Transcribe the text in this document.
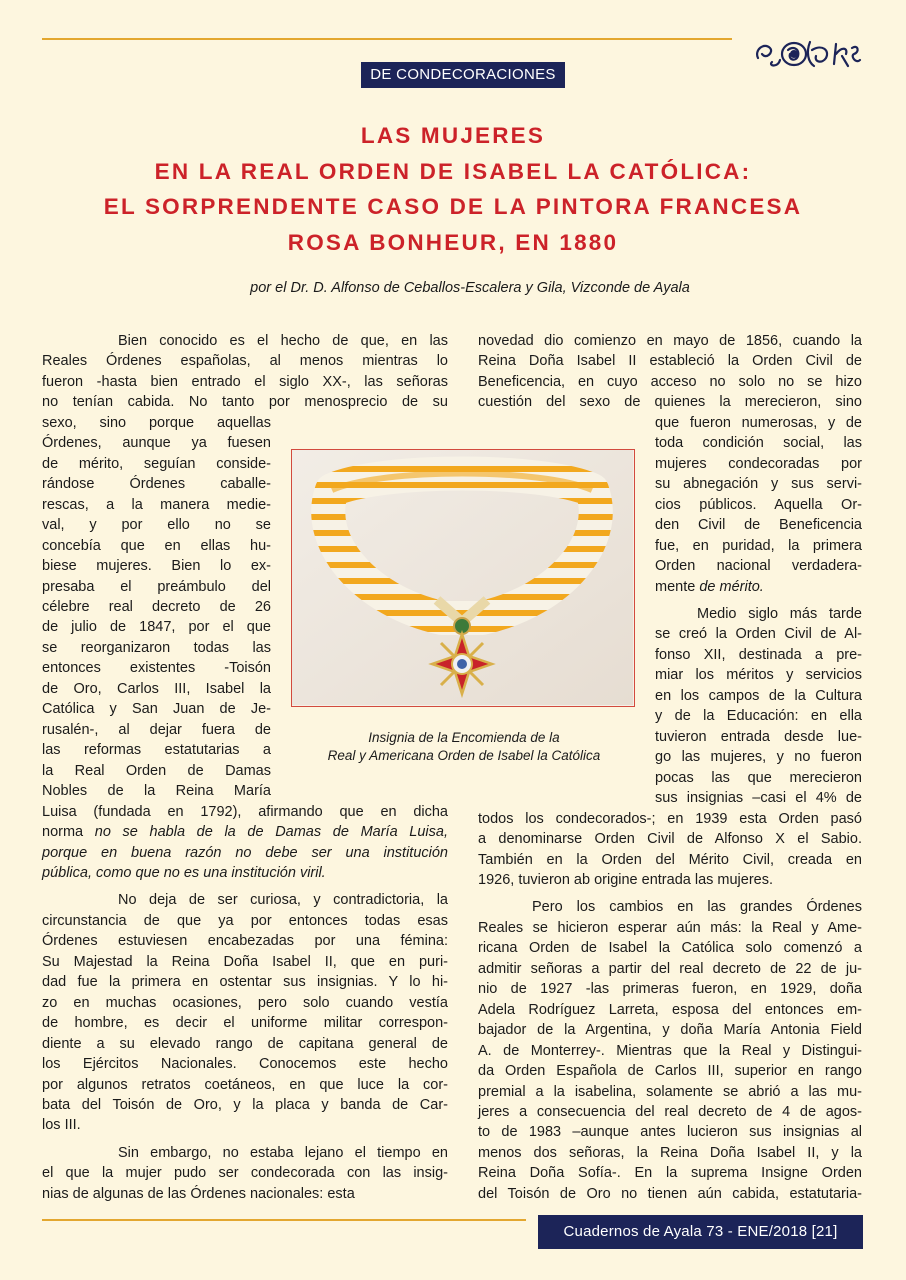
DE CONDECORACIONES
LAS MUJERES
EN LA REAL ORDEN DE ISABEL LA CATÓLICA:
EL SORPRENDENTE CASO DE LA PINTORA FRANCESA
ROSA BONHEUR, EN 1880

por el Dr. D. Alfonso de Ceballos-Escalera y Gila, Vizconde de Ayala

Bien conocido es el hecho de que, en las
Reales Órdenes españolas, al menos mientras lo
fueron -hasta bien entrado el siglo XX-, las señoras
no tenían cabida. No tanto por menosprecio de su
sexo, sino porque aquellas
Órdenes, aunque ya fuesen
de mérito, seguían conside-
rándose Órdenes caballe-
rescas, a la manera medie-
val, y por ello no se
concebía que en ellas hu-
biese mujeres. Bien lo ex-
presaba el preámbulo del
célebre real decreto de 26
de julio de 1847, por el que
se reorganizaron todas las
entonces existentes -Toisón
de Oro, Carlos III, Isabel la
Católica y San Juan de Je-
rusalén-, al dejar fuera de
las reformas estatutarias a
la Real Orden de Damas
Nobles de la Reina María
Luisa (fundada en 1792), afirmando que en dicha
norma no se habla de la de Damas de María Luisa,
porque en buena razón no debe ser una institución
pública, como que no es una institución viril.
No deja de ser curiosa, y contradictoria, la
circunstancia de que ya por entonces todas esas
Órdenes estuviesen encabezadas por una fémina:
Su Majestad la Reina Doña Isabel II, que en puri-
dad fue la primera en ostentar sus insignias. Y lo hi-
zo en muchas ocasiones, pero solo cuando vestía
de hombre, es decir el uniforme militar correspon-
diente a su elevado rango de capitana general de
los Ejércitos Nacionales. Conocemos este hecho
por algunos retratos coetáneos, en que luce la cor-
bata del Toisón de Oro, y la placa y banda de Car-
los III.
Sin embargo, no estaba lejano el tiempo en
el que la mujer pudo ser condecorada con las insig-
nias de algunas de las Órdenes nacionales: esta
novedad dio comienzo en mayo de 1856, cuando la
Reina Doña Isabel II estableció la Orden Civil de
Beneficencia, en cuyo acceso no solo no se hizo
cuestión del sexo de quienes la merecieron, sino
que fueron numerosas, y de
toda condición social, las
mujeres condecoradas por
su abnegación y sus servi-
cios públicos. Aquella Or-
den Civil de Beneficencia
fue, en puridad, la primera
Orden nacional verdadera-
mente de mérito.
Medio siglo más tarde
se creó la Orden Civil de Al-
fonso XII, destinada a pre-
miar los méritos y servicios
en los campos de la Cultura
y de la Educación: en ella
tuvieron entrada desde lue-
go las mujeres, y no fueron
pocas las que merecieron
sus insignias –casi el 4% de
todos los condecorados-; en 1939 esta Orden pasó
a denominarse Orden Civil de Alfonso X el Sabio.
También en la Orden del Mérito Civil, creada en
1926, tuvieron ab origine entrada las mujeres.
Pero los cambios en las grandes Órdenes
Reales se hicieron esperar aún más: la Real y Ame-
ricana Orden de Isabel la Católica solo comenzó a
admitir señoras a partir del real decreto de 22 de ju-
nio de 1927 -las primeras fueron, en 1929, doña
Adela Rodríguez Larreta, esposa del entonces em-
bajador de la Argentina, y doña María Antonia Field
A. de Monterrey-. Mientras que la Real y Distingui-
da Orden Española de Carlos III, superior en rango
premial a la isabelina, solamente se abrió a las mu-
jeres a consecuencia del real decreto de 4 de agos-
to de 1983 –aunque antes lucieron sus insignias al
menos dos señoras, la Reina Doña Isabel II, y la
Reina Doña Sofía-. En la suprema Insigne Orden
del Toisón de Oro no tienen aún cabida, estatutaria-
Insignia de la Encomienda de la
Real y Americana Orden de Isabel la Católica
Cuadernos de Ayala 73 - ENE/2018 [21]
